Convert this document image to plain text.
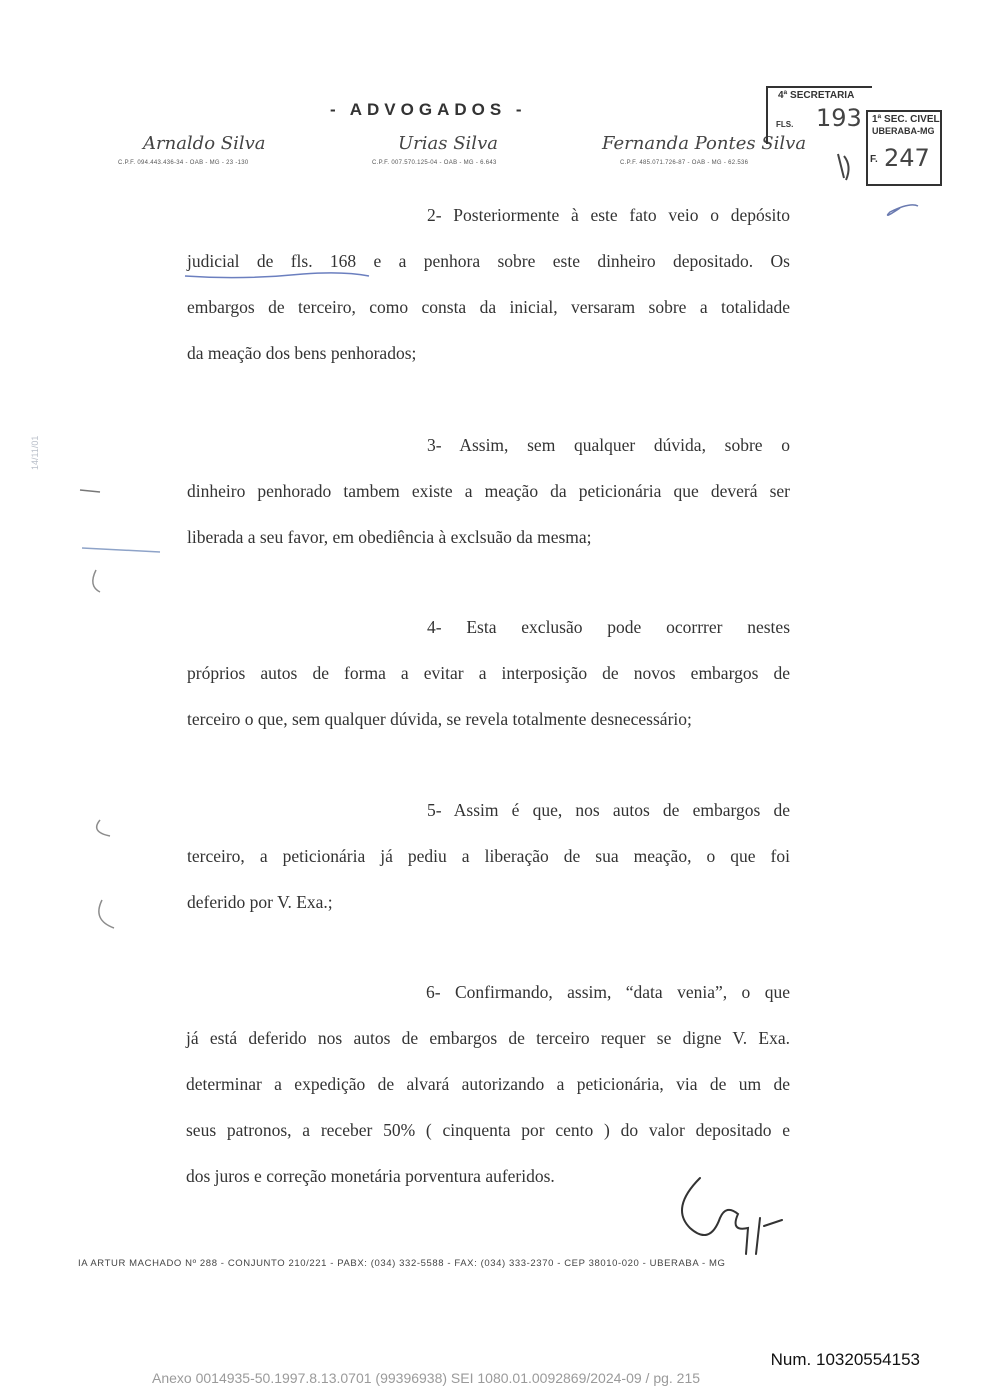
- ADVOGADOS -
Arnaldo Silva
C.P.F. 094.443.436-34 - OAB - MG - 23 -130
Urias Silva
C.P.F. 007.570.125-04 - OAB - MG - 6.643
Fernanda Pontes Silva
C.P.F. 485.071.726-87 - OAB - MG - 62.536
4ª SECRETARIA
FLS. 193 1ª SEC. CIVEL
UBERABA-MG
F. 247
14/11/01
2- Posteriormente à este fato veio o depósito
judicial de fls. 168 e a penhora sobre este dinheiro depositado. Os
embargos de terceiro, como consta da inicial, versaram sobre a totalidade
da meação dos bens penhorados;
3- Assim, sem qualquer dúvida, sobre o
dinheiro penhorado tambem existe a meação da peticionária que deverá ser
liberada a seu favor, em obediência à exclsuão da mesma;
4- Esta exclusão pode ocorrrer nestes
próprios autos de forma a evitar a interposição de novos embargos de
terceiro o que, sem qualquer dúvida, se revela totalmente desnecessário;
5- Assim é que, nos autos de embargos de
terceiro, a peticionária já pediu a liberação de sua meação, o que foi
deferido por V. Exa.;
6- Confirmando, assim, “data venia”, o que
já está deferido nos autos de embargos de terceiro requer se digne V. Exa.
determinar a expedição de alvará autorizando a peticionária, via de um de
seus patronos, a receber 50% ( cinquenta por cento ) do valor depositado e
dos juros e correção monetária porventura auferidos.
IA ARTUR MACHADO Nº 288 - CONJUNTO 210/221 - PABX: (034) 332-5588 - FAX: (034) 333-2370 - CEP 38010-020 - UBERABA - MG
Num. 10320554153
Anexo 0014935-50.1997.8.13.0701 (99396938) SEI 1080.01.0092869/2024-09 / pg. 215
